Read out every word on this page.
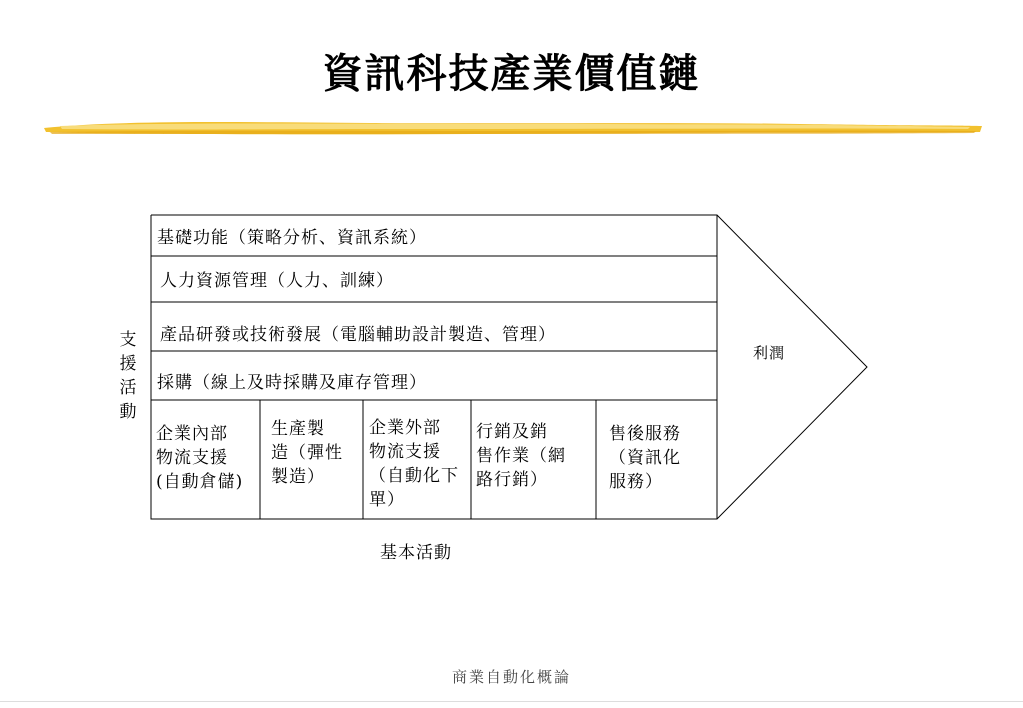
資訊科技產業價值鏈
基礎功能（策略分析、資訊系統）
人力資源管理（人力、訓練）
產品研發或技術發展（電腦輔助設計製造、管理）
採購（線上及時採購及庫存管理）
支
援
活
動
企業內部
物流支援
(自動倉儲)
生產製
造（彈性
製造）
企業外部
物流支援
（自動化下
單）
行銷及銷
售作業（網
路行銷）
售後服務
（資訊化
服務）
利潤
基本活動
商業自動化概論
